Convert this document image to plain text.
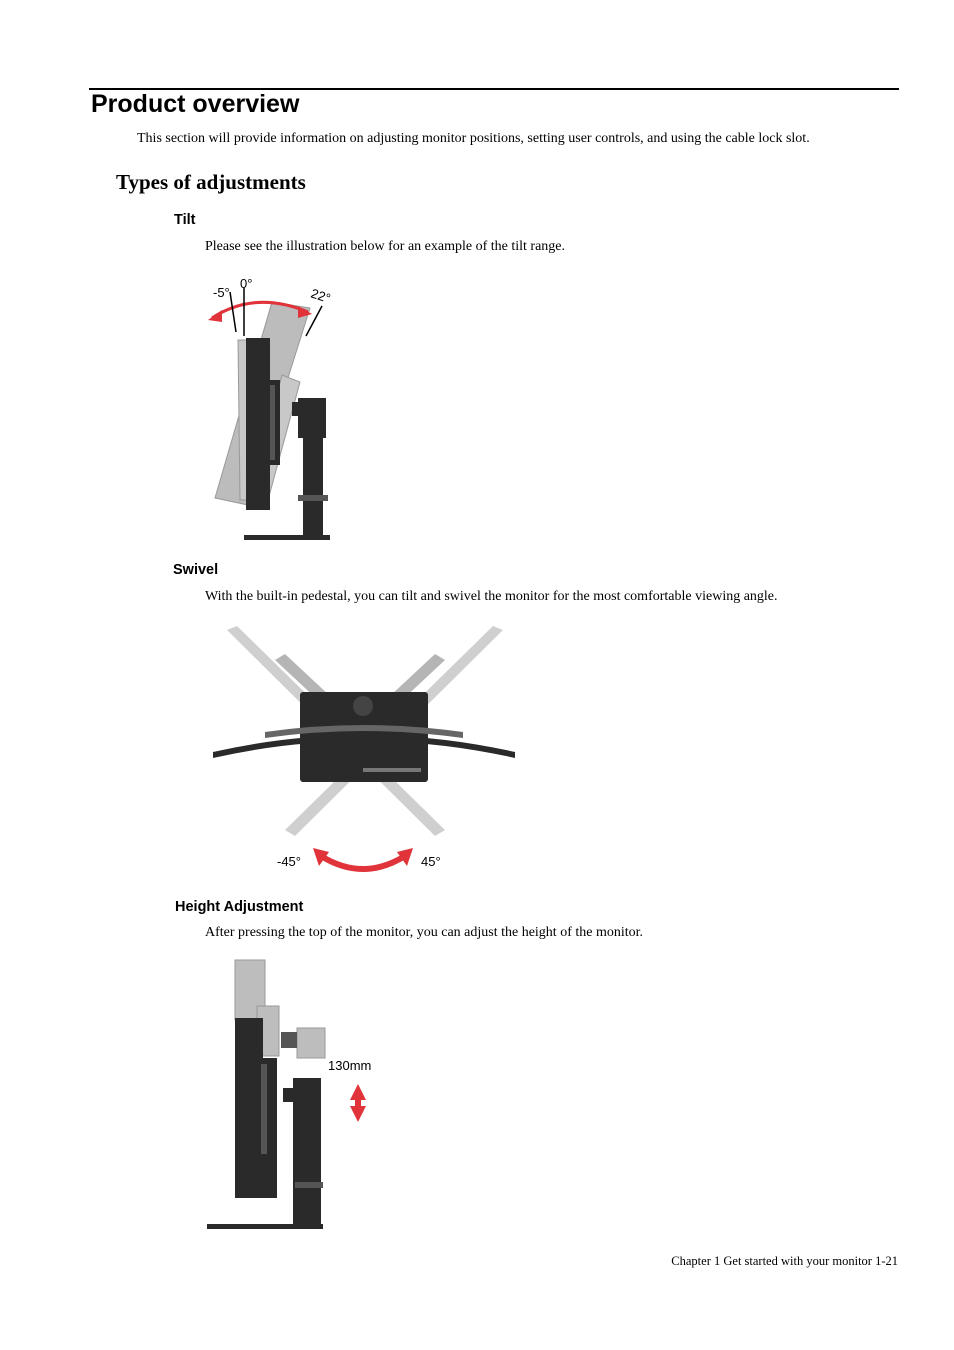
Product overview

This section will provide information on adjusting monitor positions, setting user controls, and using the cable lock slot.

Types of adjustments
Tilt

Please see the illustration below for an example of the tilt range.

-5°
0°
22°
Swivel

With the built-in pedestal, you can tilt and swivel the monitor for the most comfortable viewing angle.

-45°	45°
Height Adjustment

After pressing the top of the monitor, you can adjust the height of the monitor.

130mm
Chapter 1 Get started with your monitor 1-21
